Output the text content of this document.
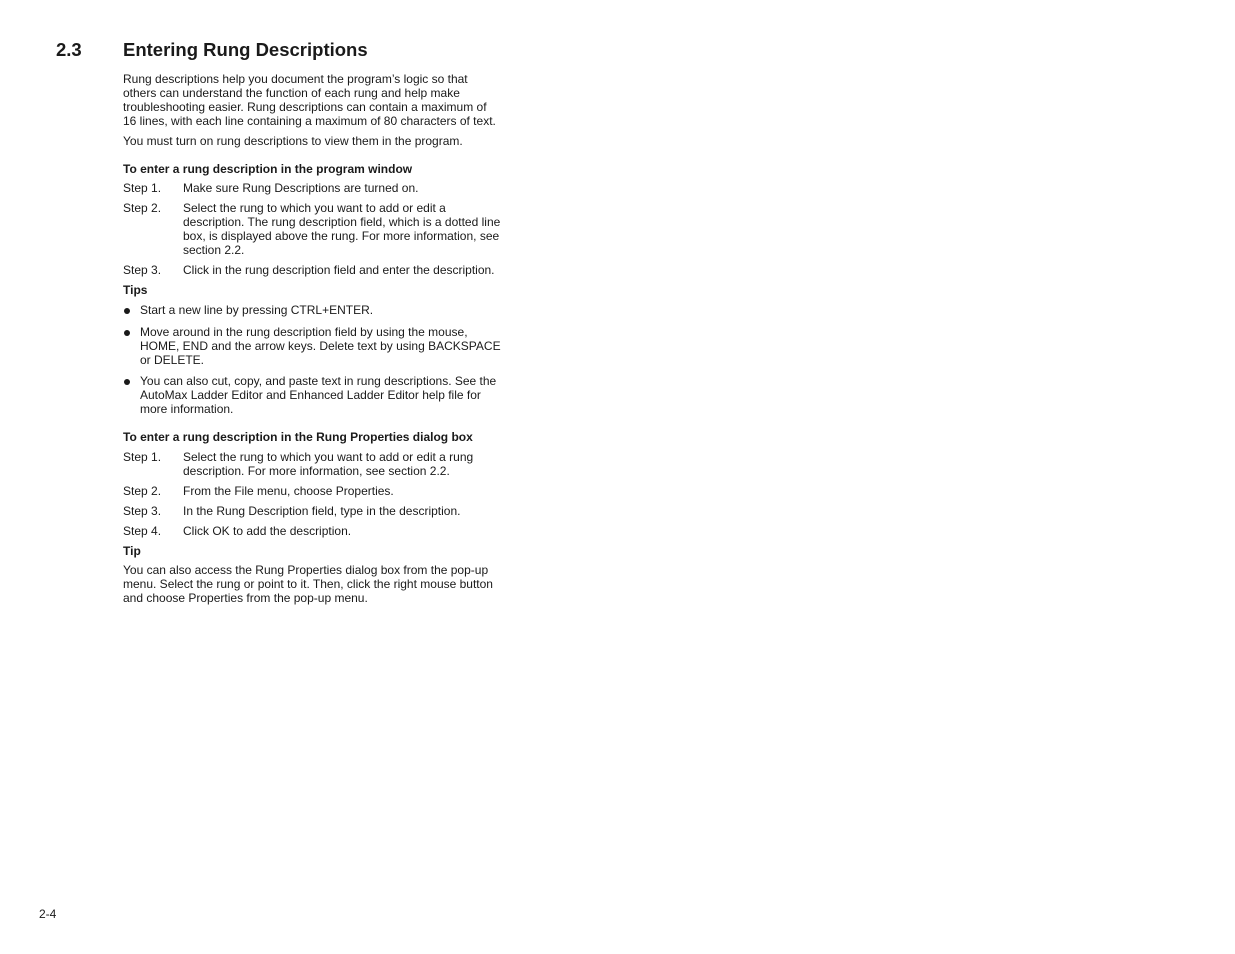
2.3 Entering Rung Descriptions

Rung descriptions help you document the program’s logic so that others can understand the function of each rung and help make troubleshooting easier. Rung descriptions can contain a maximum of 16 lines, with each line containing a maximum of 80 characters of text.

You must turn on rung descriptions to view them in the program.

To enter a rung description in the program window
Step 1.	Make sure Rung Descriptions are turned on.
Step 2.	Select the rung to which you want to add or edit a description. The rung description field, which is a dotted line box, is displayed above the rung. For more information, see section 2.2.
Step 3.	Click in the rung description field and enter the description.
Tips
Start a new line by pressing CTRL+ENTER.
Move around in the rung description field by using the mouse, HOME, END and the arrow keys. Delete text by using BACKSPACE or DELETE.
You can also cut, copy, and paste text in rung descriptions. See the AutoMax Ladder Editor and Enhanced Ladder Editor help file for more information.
To enter a rung description in the Rung Properties dialog box
Step 1.	Select the rung to which you want to add or edit a rung description. For more information, see section 2.2.
Step 2.	From the File menu, choose Properties.
Step 3.	In the Rung Description field, type in the description.
Step 4.	Click OK to add the description.
Tip

You can also access the Rung Properties dialog box from the pop-up menu. Select the rung or point to it. Then, click the right mouse button and choose Properties from the pop-up menu.

2-4
